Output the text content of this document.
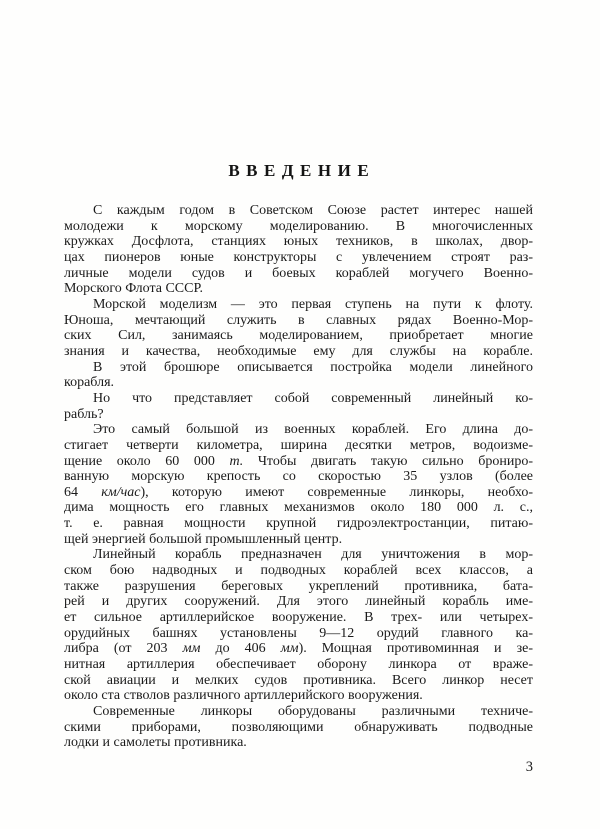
ВВЕДЕНИЕ
С каждым годом в Советском Союзе растет интерес нашей
молодежи к морскому моделированию. В многочисленных
кружках Досфлота, станциях юных техников, в школах, двор-
цах пионеров юные конструкторы с увлечением строят раз-
личные модели судов и боевых кораблей могучего Военно-
Морского Флота СССР.
Морской моделизм — это первая ступень на пути к флоту.
Юноша, мечтающий служить в славных рядах Военно-Мор-
ских Сил, занимаясь моделированием, приобретает многие
знания и качества, необходимые ему для службы на корабле.
В этой брошюре описывается постройка модели линейного
корабля.
Но что представляет собой современный линейный ко-
рабль?
Это самый большой из военных кораблей. Его длина до-
стигает четверти километра, ширина десятки метров, водоизме-
щение около 60 000 т. Чтобы двигать такую сильно брониро-
ванную морскую крепость со скоростью 35 узлов (более
64 км/час), которую имеют современные линкоры, необхо-
дима мощность его главных механизмов около 180 000 л. с.,
т. е. равная мощности крупной гидроэлектростанции, питаю-
щей энергией большой промышленный центр.
Линейный корабль предназначен для уничтожения в мор-
ском бою надводных и подводных кораблей всех классов, а
также разрушения береговых укреплений противника, бата-
рей и других сооружений. Для этого линейный корабль име-
ет сильное артиллерийское вооружение. В трех- или четырех-
орудийных башнях установлены 9—12 орудий главного ка-
либра (от 203 мм до 406 мм). Мощная противоминная и зе-
нитная артиллерия обеспечивает оборону линкора от враже-
ской авиации и мелких судов противника. Всего линкор несет
около ста стволов различного артиллерийского вооружения.
Современные линкоры оборудованы различными техниче-
скими приборами, позволяющими обнаруживать подводные
лодки и самолеты противника.
3
